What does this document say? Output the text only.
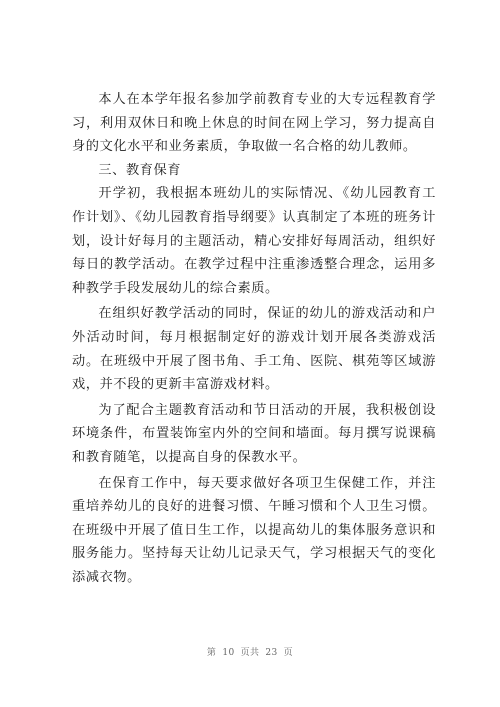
本人在本学年报名参加学前教育专业的大专远程教育学习，利用双休日和晚上休息的时间在网上学习，努力提高自身的文化水平和业务素质，争取做一名合格的幼儿教师。

三、教育保育

开学初，我根据本班幼儿的实际情况、《幼儿园教育工作计划》、《幼儿园教育指导纲要》认真制定了本班的班务计划，设计好每月的主题活动，精心安排好每周活动，组织好每日的教学活动。在教学过程中注重渗透整合理念，运用多种教学手段发展幼儿的综合素质。

在组织好教学活动的同时，保证的幼儿的游戏活动和户外活动时间，每月根据制定好的游戏计划开展各类游戏活动。在班级中开展了图书角、手工角、医院、棋苑等区域游戏，并不段的更新丰富游戏材料。

为了配合主题教育活动和节日活动的开展，我积极创设环境条件，布置装饰室内外的空间和墙面。每月撰写说课稿和教育随笔，以提高自身的保教水平。

在保育工作中，每天要求做好各项卫生保健工作，并注重培养幼儿的良好的进餐习惯、午睡习惯和个人卫生习惯。在班级中开展了值日生工作，以提高幼儿的集体服务意识和服务能力。坚持每天让幼儿记录天气，学习根据天气的变化添减衣物。

第 10 页共 23 页
